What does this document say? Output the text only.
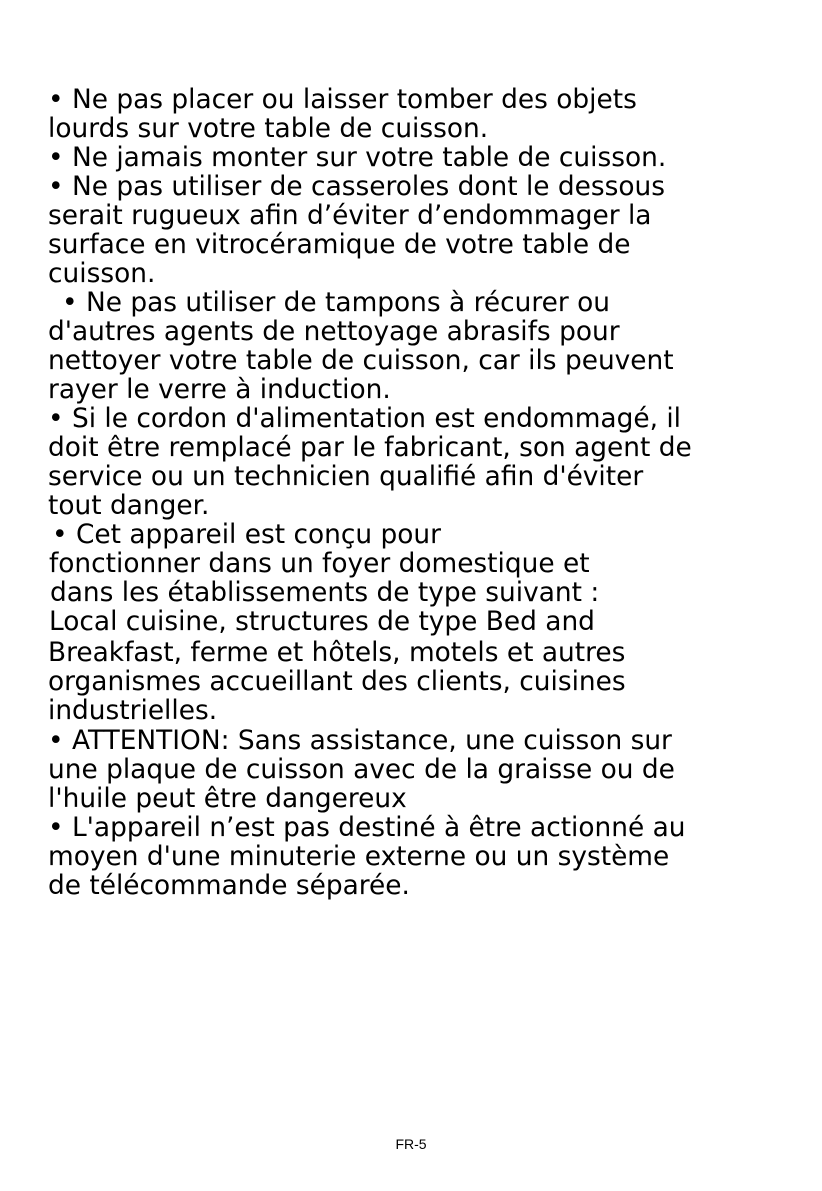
• Ne pas placer ou laisser tomber des objets
lourds sur votre table de cuisson.
• Ne jamais monter sur votre table de cuisson.
• Ne pas utiliser de casseroles dont le dessous
serait rugueux afin d’éviter d’endommager la
surface en vitrocéramique de votre table de
cuisson.
• Ne pas utiliser de tampons à récurer ou
d'autres agents de nettoyage abrasifs pour
nettoyer votre table de cuisson, car ils peuvent
rayer le verre à induction.
• Si le cordon d'alimentation est endommagé, il
doit être remplacé par le fabricant, son agent de
service ou un technicien qualifié afin d'éviter
tout danger.
• Cet appareil est conçu pour
fonctionner dans un foyer domestique et
dans les établissements de type suivant :
Local cuisine, structures de type Bed and
Breakfast, ferme et hôtels, motels et autres
organismes accueillant des clients, cuisines
industrielles.
• ATTENTION: Sans assistance, une cuisson sur
une plaque de cuisson avec de la graisse ou de
l'huile peut être dangereux
• L'appareil n’est pas destiné à être actionné au
moyen d'une minuterie externe ou un système
de télécommande séparée.
FR-5
